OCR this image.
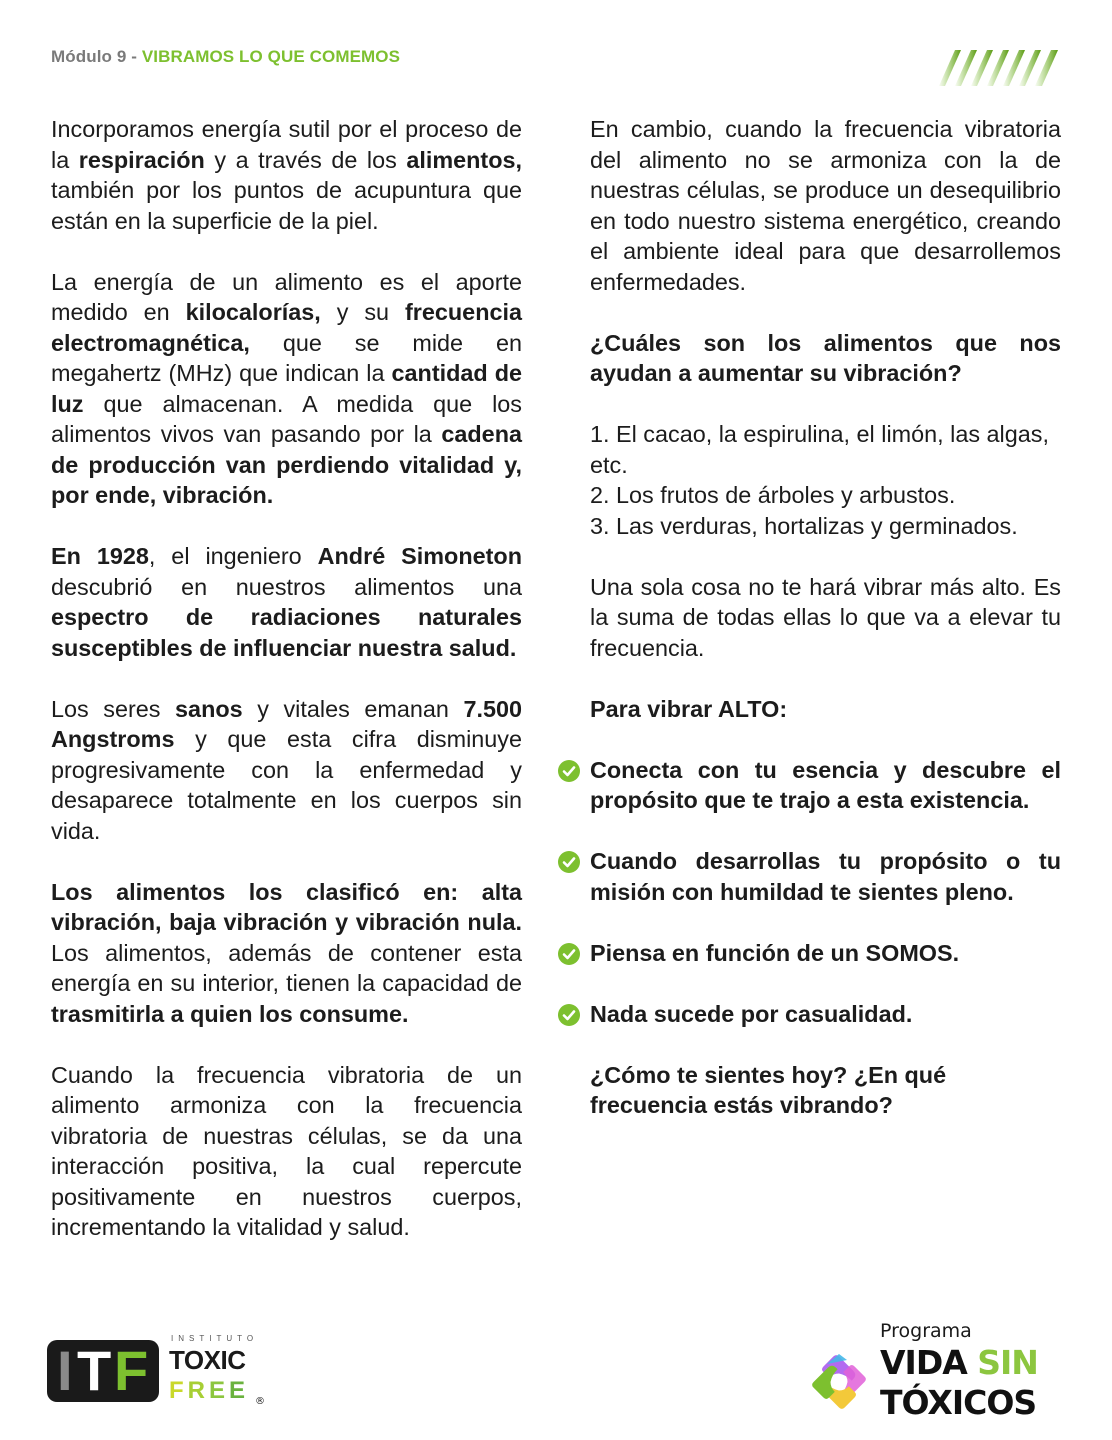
Módulo 9 - VIBRAMOS LO QUE COMEMOS

Incorporamos energía sutil por el proceso de la respiración y a través de los alimentos, también por los puntos de acupuntura que están en la superficie de la piel.

La energía de un alimento es el aporte medido en kilocalorías, y su frecuencia electromagnética, que se mide en megahertz (MHz) que indican la cantidad de luz que almacenan. A medida que los alimentos vivos van pasando por la cadena de producción van perdiendo vitalidad y, por ende, vibración.

En 1928, el ingeniero André Simoneton descubrió en nuestros alimentos una espectro de radiaciones naturales susceptibles de influenciar nuestra salud.

Los seres sanos y vitales emanan 7.500 Angstroms y que esta cifra disminuye progresivamente con la enfermedad y desaparece totalmente en los cuerpos sin vida.

Los alimentos los clasificó en: alta vibración, baja vibración y vibración nula. Los alimentos, además de contener esta energía en su interior, tienen la capacidad de trasmitirla a quien los consume.

Cuando la frecuencia vibratoria de un alimento armoniza con la frecuencia vibratoria de nuestras células, se da una interacción positiva, la cual repercute positivamente en nuestros cuerpos, incrementando la vitalidad y salud.

En cambio, cuando la frecuencia vibratoria del alimento no se armoniza con la de nuestras células, se produce un desequilibrio en todo nuestro sistema energético, creando el ambiente ideal para que desarrollemos enfermedades.

¿Cuáles son los alimentos que nos ayudan a aumentar su vibración?

1. El cacao, la espirulina, el limón, las algas, etc.
2. Los frutos de árboles y arbustos.
3. Las verduras, hortalizas y germinados.

Una sola cosa no te hará vibrar más alto. Es la suma de todas ellas lo que va a elevar tu frecuencia.

Para vibrar ALTO:

Conecta con tu esencia y descubre el propósito que te trajo a esta existencia.
Cuando desarrollas tu propósito o tu misión con humildad te sientes pleno.
Piensa en función de un SOMOS.
Nada sucede por casualidad.

¿Cómo te sientes hoy? ¿En qué frecuencia estás vibrando?

I T F
INSTITUTO
TOXIC
FREE ®
Programa
VIDA SIN
TÓXICOS
